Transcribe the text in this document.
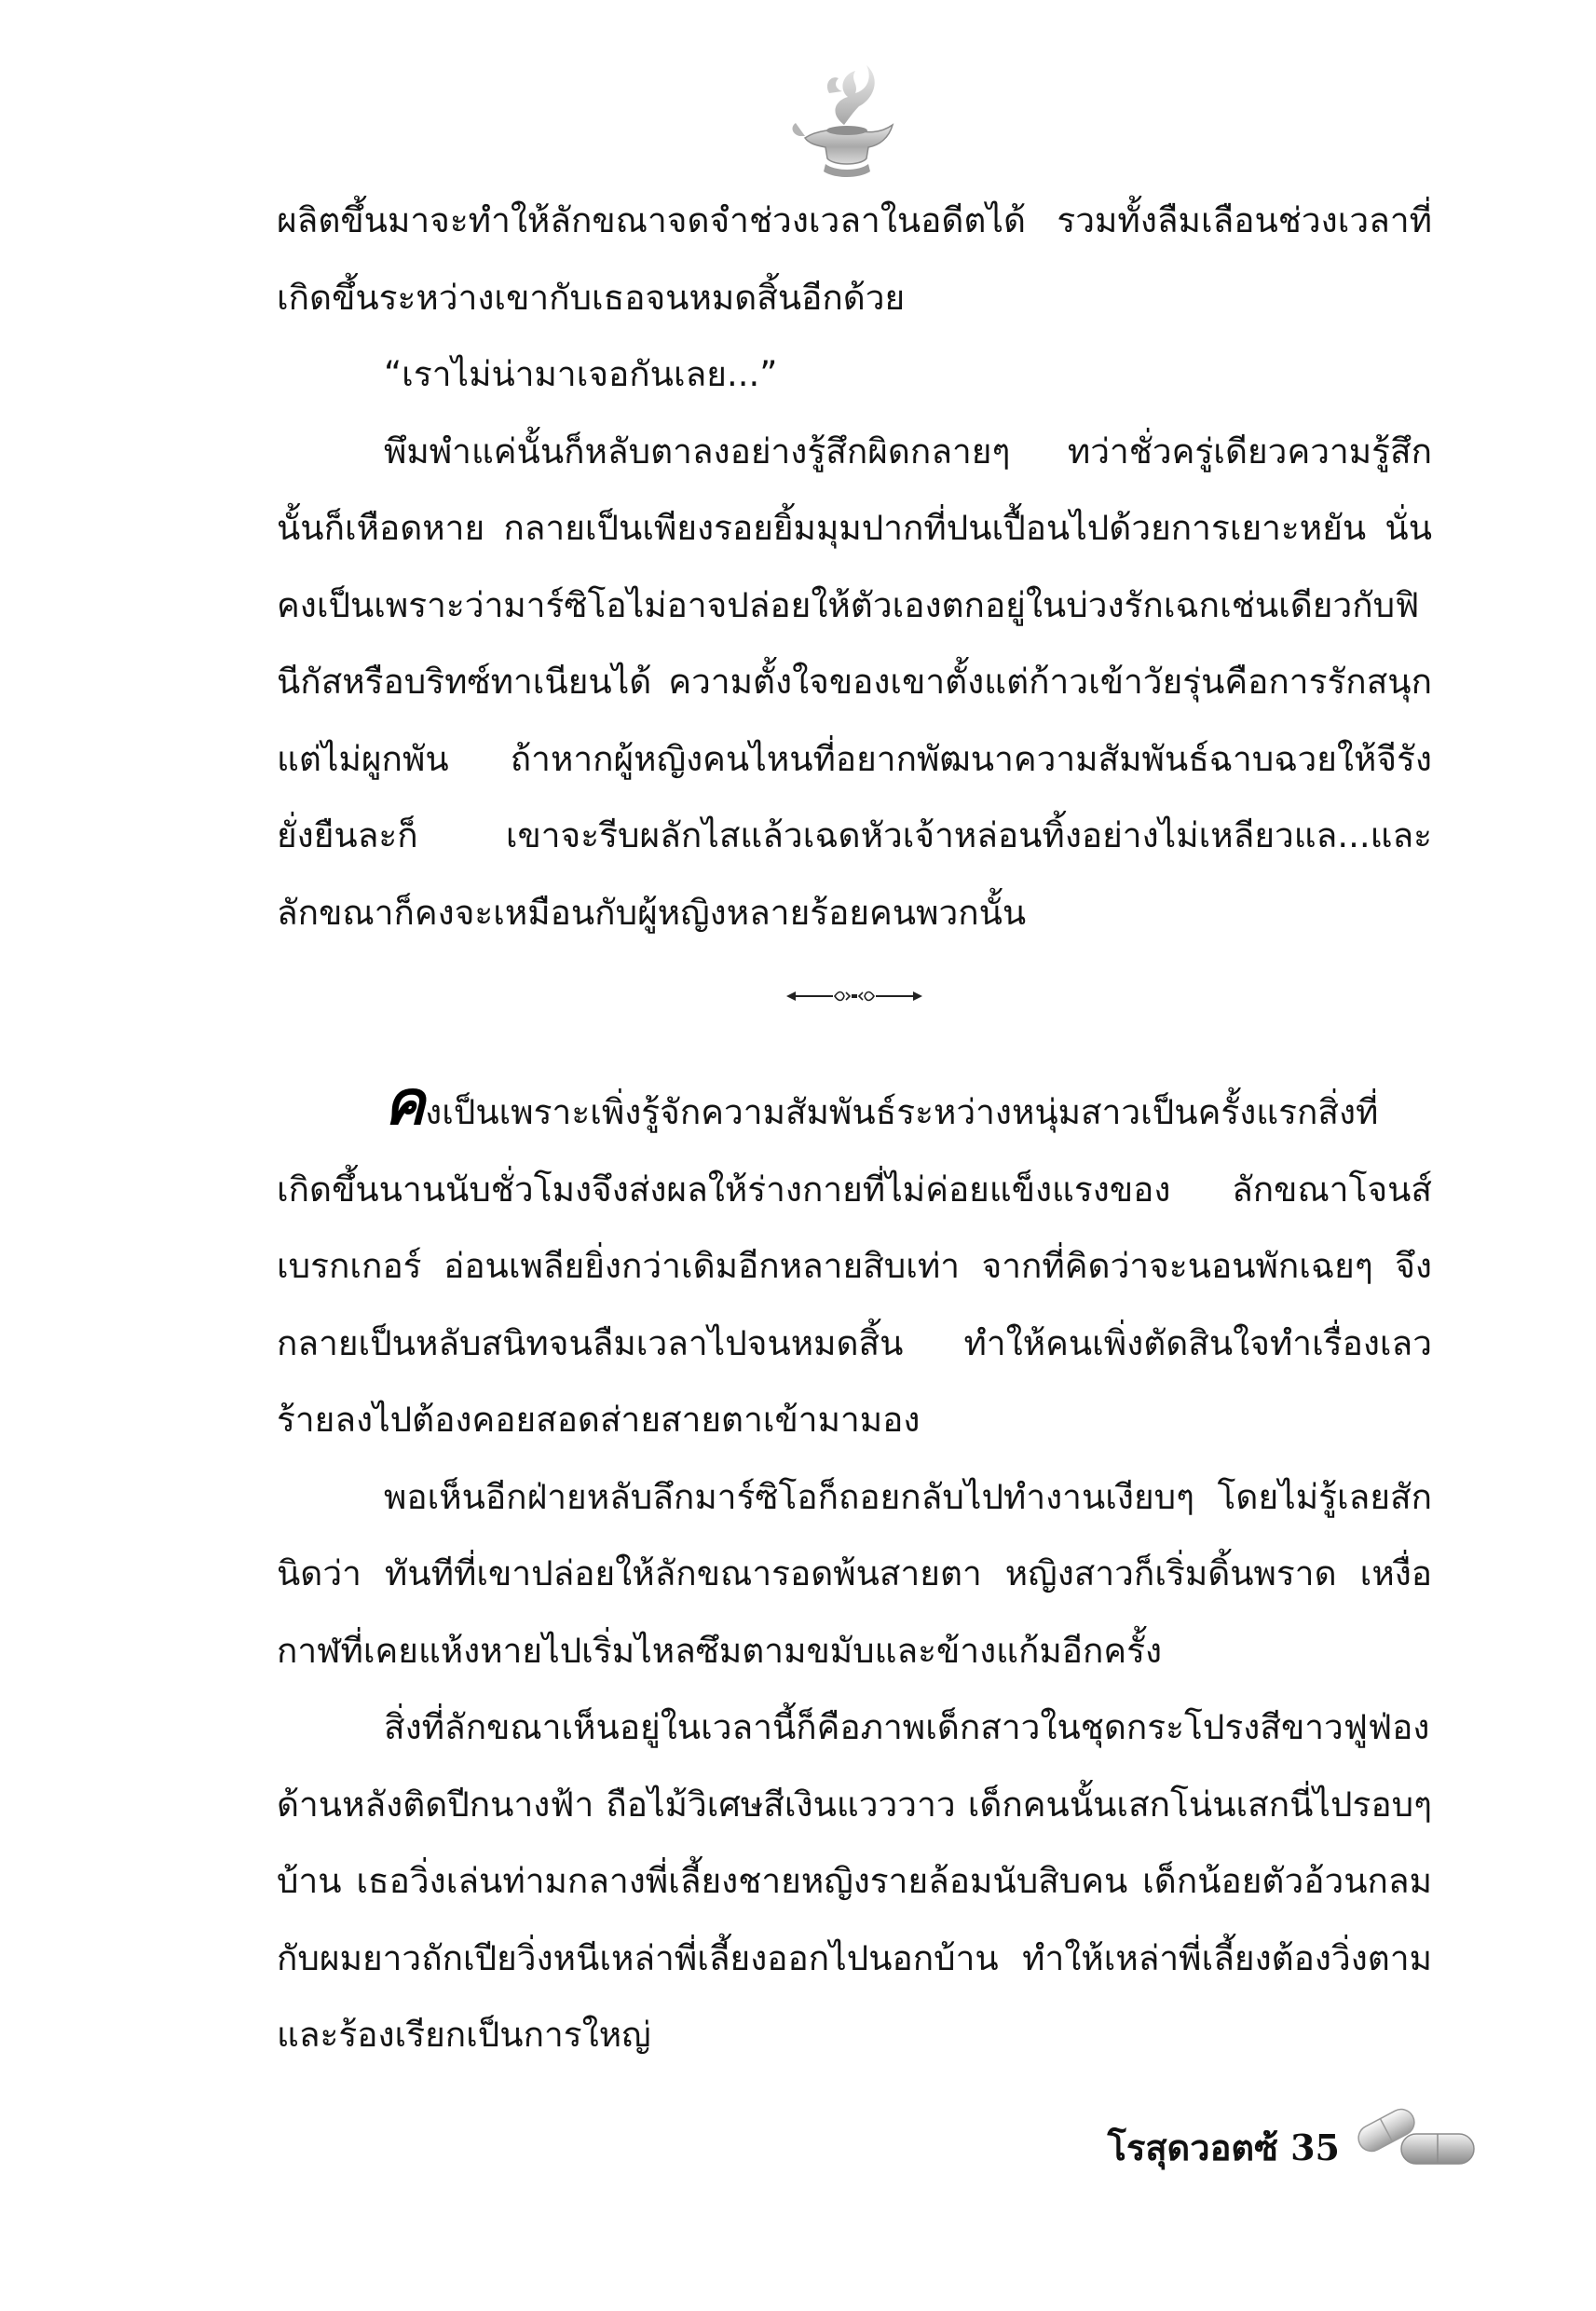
ผลิตขึ้นมาจะทำให้ลักขณาจดจำช่วงเวลาในอดีตได้ รวมทั้งลืมเลือนช่วงเวลาที่เกิดขึ้นระหว่างเขากับเธอจนหมดสิ้นอีกด้วย

“เราไม่น่ามาเจอกันเลย...”

พึมพำแค่นั้นก็หลับตาลงอย่างรู้สึกผิดกลายๆ ทว่าชั่วครู่เดียวความรู้สึกนั้นก็เหือดหาย กลายเป็นเพียงรอยยิ้มมุมปากที่ปนเปื้อนไปด้วยการเยาะหยัน นั่นคงเป็นเพราะว่ามาร์ซิโอไม่อาจปล่อยให้ตัวเองตกอยู่ในบ่วงรักเฉกเช่นเดียวกับฟินีกัสหรือบริทซ์ทาเนียนได้ ความตั้งใจของเขาตั้งแต่ก้าวเข้าวัยรุ่นคือการรักสนุกแต่ไม่ผูกพัน ถ้าหากผู้หญิงคนไหนที่อยากพัฒนาความสัมพันธ์ฉาบฉวยให้จีรังยั่งยืนละก็ เขาจะรีบผลักไสแล้วเฉดหัวเจ้าหล่อนทิ้งอย่างไม่เหลียวแล...และลักขณาก็คงจะเหมือนกับผู้หญิงหลายร้อยคนพวกนั้น

คงเป็นเพราะเพิ่งรู้จักความสัมพันธ์ระหว่างหนุ่มสาวเป็นครั้งแรกสิ่งที่เกิดขึ้นนานนับชั่วโมงจึงส่งผลให้ร่างกายที่ไม่ค่อยแข็งแรงของ ลักขณาโจนส์ เบรกเกอร์ อ่อนเพลียยิ่งกว่าเดิมอีกหลายสิบเท่า จากที่คิดว่าจะนอนพักเฉยๆ จึงกลายเป็นหลับสนิทจนลืมเวลาไปจนหมดสิ้น ทำให้คนเพิ่งตัดสินใจทำเรื่องเลวร้ายลงไปต้องคอยสอดส่ายสายตาเข้ามามอง

พอเห็นอีกฝ่ายหลับลึกมาร์ซิโอก็ถอยกลับไปทำงานเงียบๆ โดยไม่รู้เลยสักนิดว่า ทันทีที่เขาปล่อยให้ลักขณารอดพ้นสายตา หญิงสาวก็เริ่มดิ้นพราด เหงื่อกาฬที่เคยแห้งหายไปเริ่มไหลซึมตามขมับและข้างแก้มอีกครั้ง

สิ่งที่ลักขณาเห็นอยู่ในเวลานี้ก็คือภาพเด็กสาวในชุดกระโปรงสีขาวฟูฟ่อง ด้านหลังติดปีกนางฟ้า ถือไม้วิเศษสีเงินแวววาว เด็กคนนั้นเสกโน่นเสกนี่ไปรอบๆ บ้าน เธอวิ่งเล่นท่ามกลางพี่เลี้ยงชายหญิงรายล้อมนับสิบคน เด็กน้อยตัวอ้วนกลมกับผมยาวถักเปียวิ่งหนีเหล่าพี่เลี้ยงออกไปนอกบ้าน ทำให้เหล่าพี่เลี้ยงต้องวิ่งตามและร้องเรียกเป็นการใหญ่

โรสุดวอตซ้ 35
